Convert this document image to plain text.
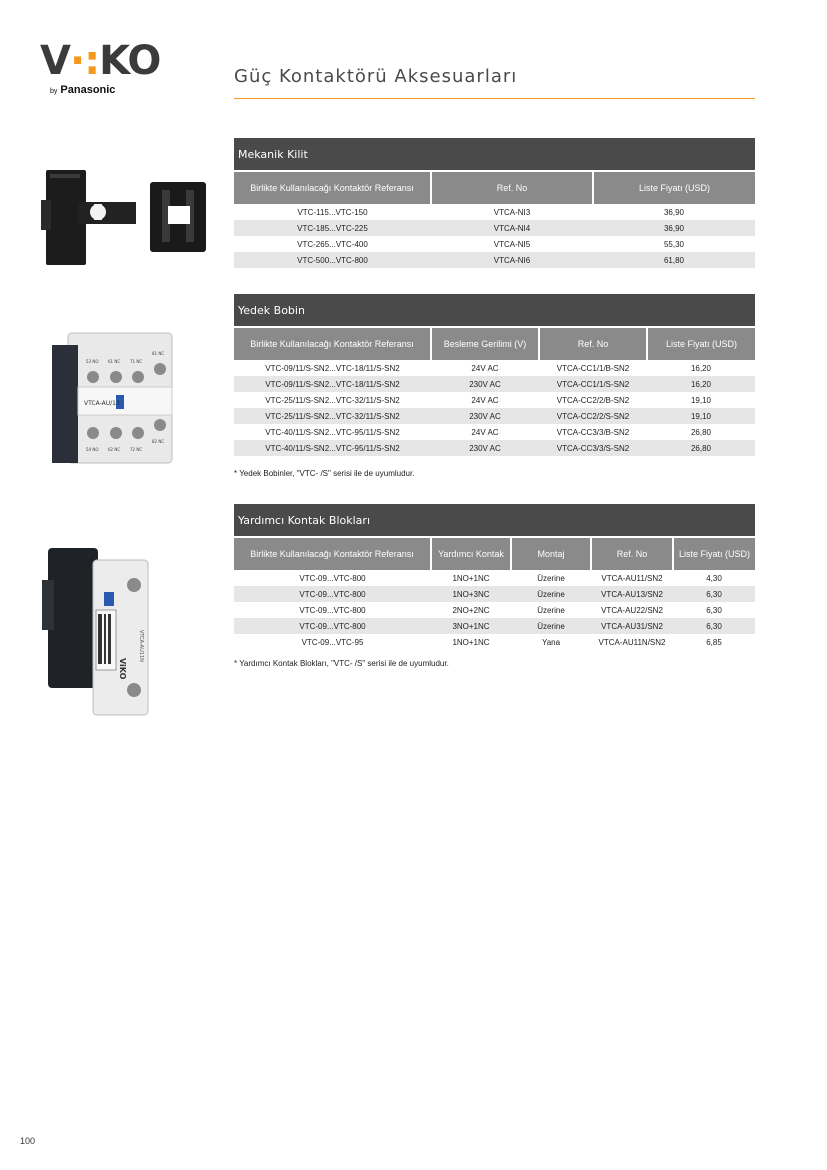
V·:KO
by Panasonic
Güç Kontaktörü Aksesuarları
Mekanik Kilit
Birlikte Kullanılacağı Kontaktör Referansı	Ref. No	Liste Fiyatı (USD)
VTC-115...VTC-150	VTCA-NI3	36,90
VTC-185...VTC-225	VTCA-NI4	36,90
VTC-265...VTC-400	VTCA-NI5	55,30
VTC-500...VTC-800	VTCA-NI6	61,80
VTCA-AU/13
53 NO 61 NC 71 NC
81 NC
54 NO 62 NC 72 NC
82 NC
Yedek Bobin
Birlikte Kullanılacağı Kontaktör Referansı	Besleme Gerilimi (V)	Ref. No	Liste Fiyatı (USD)
VTC-09/11/S-SN2...VTC-18/11/S-SN2	24V AC	VTCA-CC1/1/B-SN2	16,20
VTC-09/11/S-SN2...VTC-18/11/S-SN2	230V AC	VTCA-CC1/1/S-SN2	16,20
VTC-25/11/S-SN2...VTC-32/11/S-SN2	24V AC	VTCA-CC2/2/B-SN2	19,10
VTC-25/11/S-SN2...VTC-32/11/S-SN2	230V AC	VTCA-CC2/2/S-SN2	19,10
VTC-40/11/S-SN2...VTC-95/11/S-SN2	24V AC	VTCA-CC3/3/B-SN2	26,80
VTC-40/11/S-SN2...VTC-95/11/S-SN2	230V AC	VTCA-CC3/3/S-SN2	26,80
* Yedek Bobinler, "VTC- /S" serisi ile de uyumludur.
ViKO
VTCA-AU11N
Yardımcı Kontak Blokları
Birlikte Kullanılacağı Kontaktör Referansı	Yardımcı Kontak	Montaj	Ref. No	Liste Fiyatı (USD)
VTC-09...VTC-800	1NO+1NC	Üzerine	VTCA-AU11/SN2	4,30
VTC-09...VTC-800	1NO+3NC	Üzerine	VTCA-AU13/SN2	6,30
VTC-09...VTC-800	2NO+2NC	Üzerine	VTCA-AU22/SN2	6,30
VTC-09...VTC-800	3NO+1NC	Üzerine	VTCA-AU31/SN2	6,30
VTC-09...VTC-95	1NO+1NC	Yana	VTCA-AU11N/SN2	6,85
* Yardımcı Kontak Blokları, "VTC- /S" serisi ile de uyumludur.
100
